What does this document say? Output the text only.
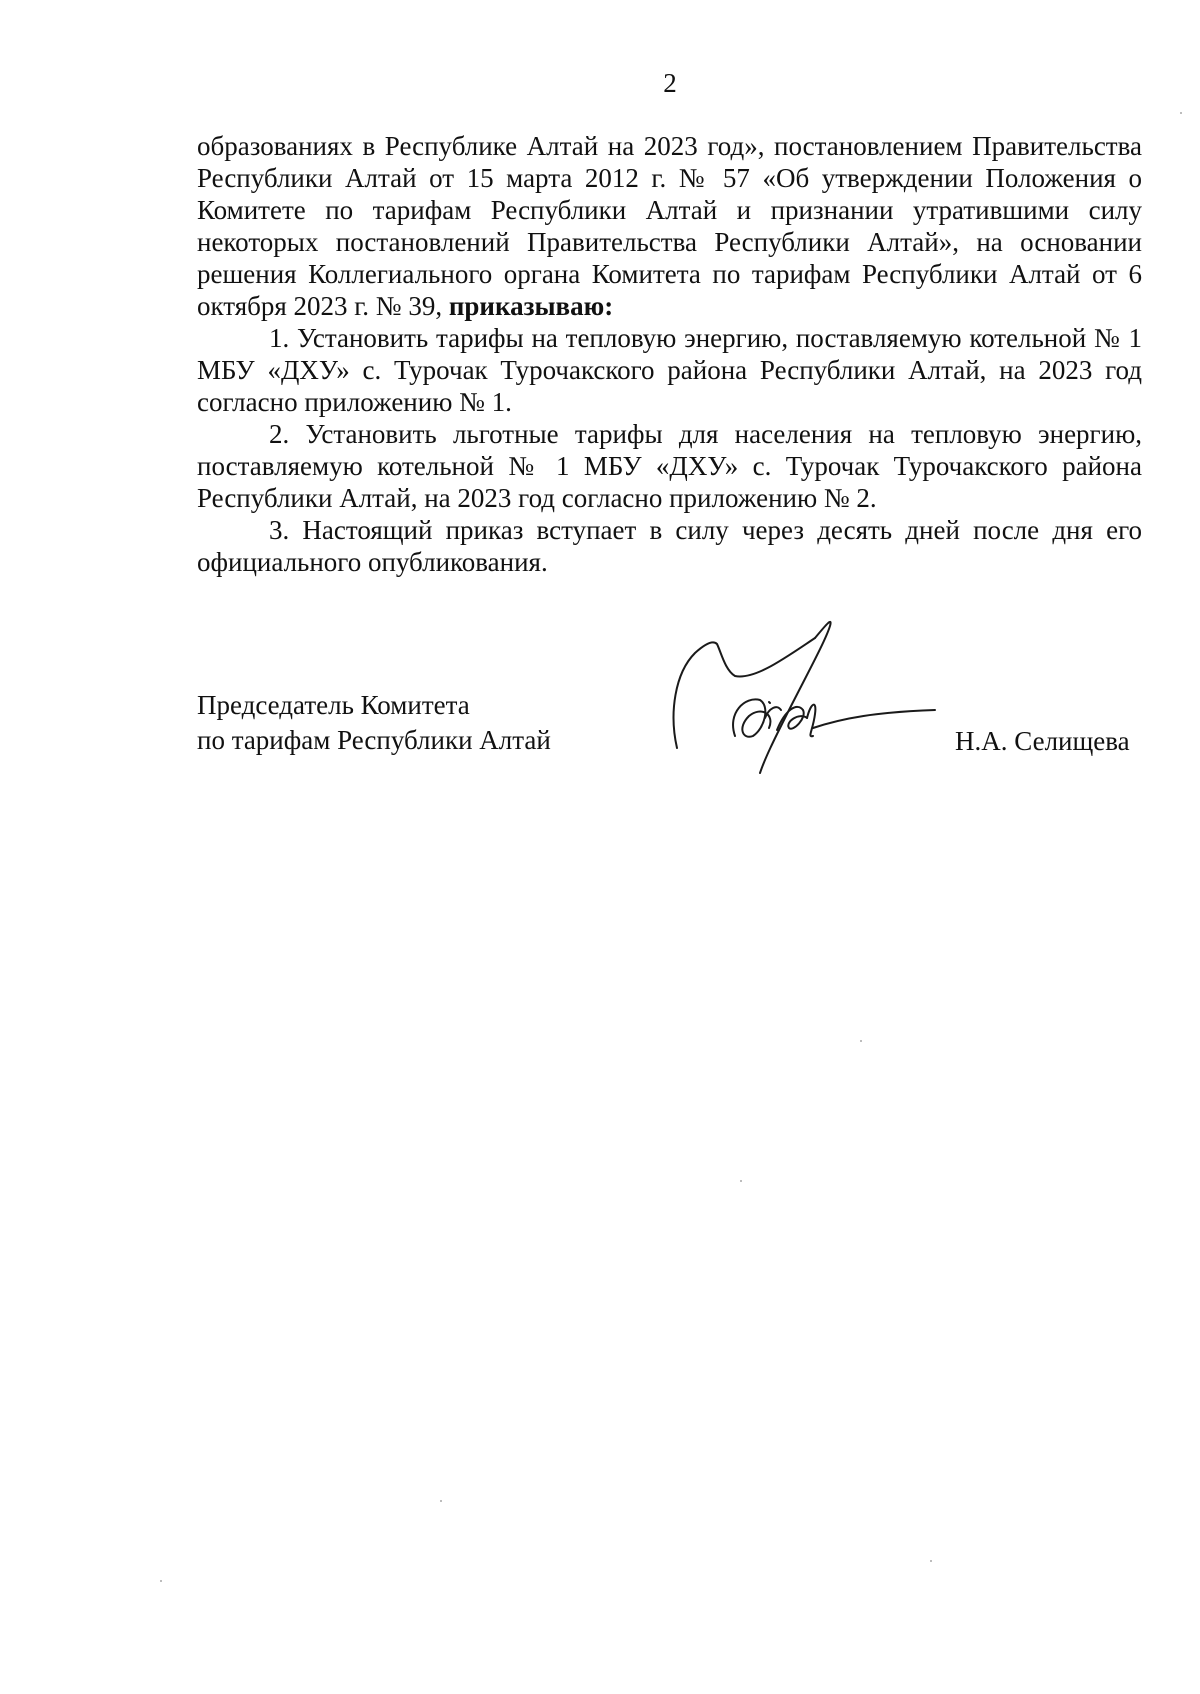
2

образованиях в Республике Алтай на 2023 год», постановлением Правительства Республики Алтай от 15 марта 2012 г. № 57 «Об утверждении Положения о Комитете по тарифам Республики Алтай и признании утратившими силу некоторых постановлений Правительства Республики Алтай», на основании решения Коллегиального органа Комитета по тарифам Республики Алтай от 6 октября 2023 г. № 39, приказываю:

1. Установить тарифы на тепловую энергию, поставляемую котельной № 1 МБУ «ДХУ» с. Турочак Турочакского района Республики Алтай, на 2023 год согласно приложению № 1.

2. Установить льготные тарифы для населения на тепловую энергию, поставляемую котельной № 1 МБУ «ДХУ» с. Турочак Турочакского района Республики Алтай, на 2023 год согласно приложению № 2.

3. Настоящий приказ вступает в силу через десять дней после дня его официального опубликования.

Председатель Комитета
по тарифам Республики Алтай	Н.А. Селищева
